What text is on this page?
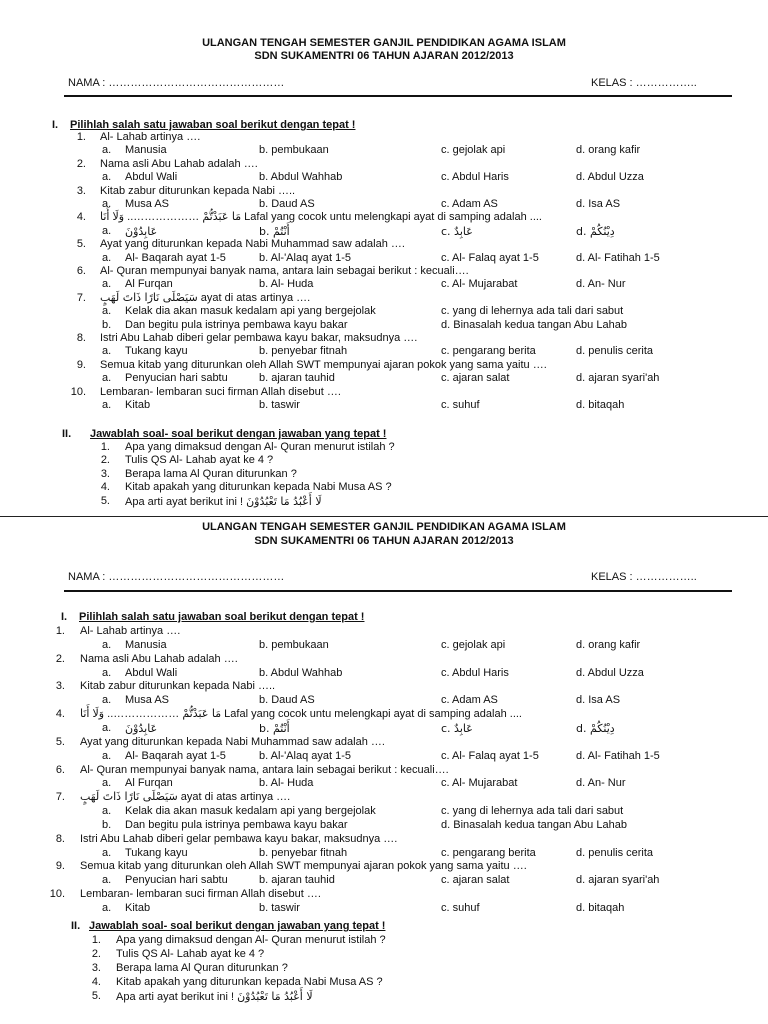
ULANGAN TENGAH SEMESTER GANJIL PENDIDIKAN AGAMA ISLAM
SDN SUKAMENTRI 06 TAHUN AJARAN 2012/2013
NAMA : …………………………………………	KELAS : ……………..
I. Pilihlah salah satu jawaban soal berikut dengan tepat !
1. Al- Lahab artinya ….
a. Manusia	b. pembukaan	c. gejolak api	d. orang kafir
2. Nama asli Abu Lahab adalah ….
a. Abdul Wali	b. Abdul Wahhab	c. Abdul Haris	d. Abdul Uzza
3. Kitab zabur diturunkan kepada Nabi …..
a. Musa AS	b. Daud AS	c. Adam AS	d. Isa AS
4.	مَا عَبَدْتُّمْ ……………….. وَلَا أَنَا Lafal yang cocok untu melengkapi ayat di samping adalah ....
a. عَابِدُوْنَ	b. أَنْتُمْ	c. عَابِدٌ	d. دِيْنُكُمْ
5. Ayat yang diturunkan kepada Nabi Muhammad saw adalah ….
a. Al- Baqarah ayat 1-5	b. Al-'Alaq ayat 1-5	c. Al- Falaq ayat 1-5	d. Al- Fatihah 1-5
6. Al- Quran mempunyai banyak nama, antara lain sebagai berikut : kecuali….
a. Al Furqan	b. Al- Huda	c. Al- Mujarabat	d. An- Nur
7. سَيَصْلَى نَارًا ذَاتَ لَهَبٍ ayat di atas artinya ….
a. Kelak dia akan masuk kedalam api yang bergejolak	c. yang di lehernya ada tali dari sabut
b. Dan begitu pula istrinya pembawa kayu bakar	d. Binasalah kedua tangan Abu Lahab
8. Istri Abu Lahab diberi gelar pembawa kayu bakar, maksudnya ….
a. Tukang kayu	b. penyebar fitnah	c. pengarang berita	d. penulis cerita
9. Semua kitab yang diturunkan oleh Allah SWT mempunyai ajaran pokok yang sama yaitu ….
a. Penyucian hari sabtu	b. ajaran tauhid	c. ajaran salat	d. ajaran syari'ah
10. Lembaran- lembaran suci firman Allah disebut ….
a. Kitab	b. taswir	c. suhuf	d. bitaqah
II. Jawablah soal- soal berikut dengan jawaban yang tepat !
1. Apa yang dimaksud dengan Al- Quran menurut istilah ?
2. Tulis QS Al- Lahab ayat ke 4 ?
3. Berapa lama Al Quran diturunkan ?
4. Kitab apakah yang diturunkan kepada Nabi Musa AS ?
5. Apa arti ayat berikut ini ! لَا أَعْبُدُ مَا تَعْبُدُوْنَ
ULANGAN TENGAH SEMESTER GANJIL PENDIDIKAN AGAMA ISLAM
SDN SUKAMENTRI 06 TAHUN AJARAN 2012/2013
NAMA : …………………………………………	KELAS : ……………..
I. Pilihlah salah satu jawaban soal berikut dengan tepat !
1. Al- Lahab artinya ….
a. Manusia	b. pembukaan	c. gejolak api	d. orang kafir
2. Nama asli Abu Lahab adalah ….
a. Abdul Wali	b. Abdul Wahhab	c. Abdul Haris	d. Abdul Uzza
3. Kitab zabur diturunkan kepada Nabi …..
a. Musa AS	b. Daud AS	c. Adam AS	d. Isa AS
4.	مَا عَبَدْتُّمْ ……………….. وَلَا أَنَا Lafal yang cocok untu melengkapi ayat di samping adalah ....
a. عَابِدُوْنَ	b. أَنْتُمْ	c. عَابِدٌ	d. دِيْنُكُمْ
5. Ayat yang diturunkan kepada Nabi Muhammad saw adalah ….
a. Al- Baqarah ayat 1-5	b. Al-'Alaq ayat 1-5	c. Al- Falaq ayat 1-5	d. Al- Fatihah 1-5
6. Al- Quran mempunyai banyak nama, antara lain sebagai berikut : kecuali….
a. Al Furqan	b. Al- Huda	c. Al- Mujarabat	d. An- Nur
7. سَيَصْلَى نَارًا ذَاتَ لَهَبٍ ayat di atas artinya ….
a. Kelak dia akan masuk kedalam api yang bergejolak	c. yang di lehernya ada tali dari sabut
b. Dan begitu pula istrinya pembawa kayu bakar	d. Binasalah kedua tangan Abu Lahab
8. Istri Abu Lahab diberi gelar pembawa kayu bakar, maksudnya ….
a. Tukang kayu	b. penyebar fitnah	c. pengarang berita	d. penulis cerita
9. Semua kitab yang diturunkan oleh Allah SWT mempunyai ajaran pokok yang sama yaitu ….
a. Penyucian hari sabtu	b. ajaran tauhid	c. ajaran salat	d. ajaran syari'ah
10. Lembaran- lembaran suci firman Allah disebut ….
a. Kitab	b. taswir	c. suhuf	d. bitaqah
II. Jawablah soal- soal berikut dengan jawaban yang tepat !
1. Apa yang dimaksud dengan Al- Quran menurut istilah ?
2. Tulis QS Al- Lahab ayat ke 4 ?
3. Berapa lama Al Quran diturunkan ?
4. Kitab apakah yang diturunkan kepada Nabi Musa AS ?
5. Apa arti ayat berikut ini ! لَا أَعْبُدُ مَا تَعْبُدُوْنَ
